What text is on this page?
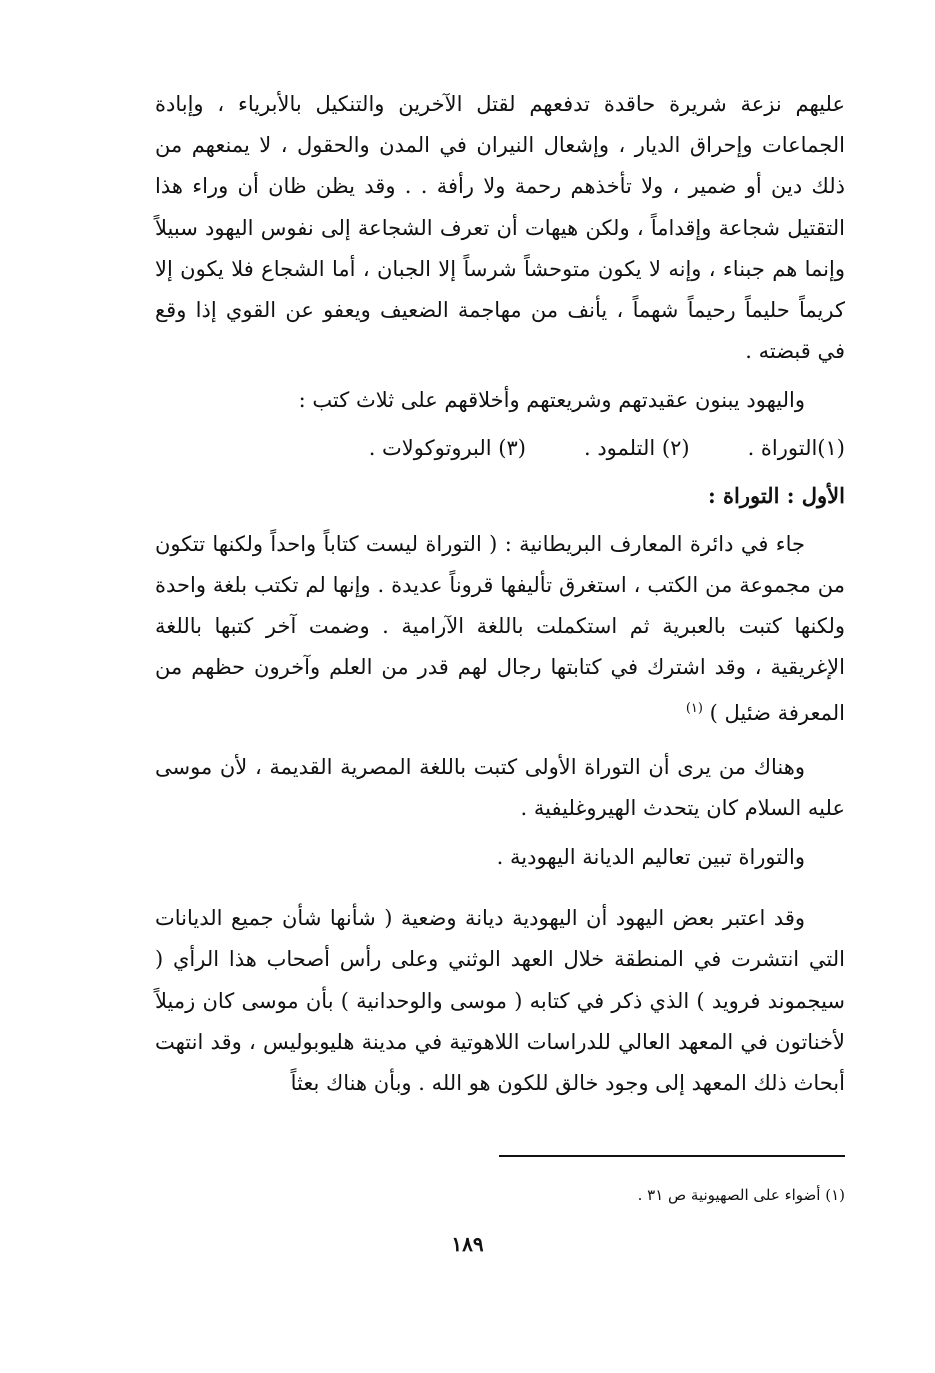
عليهم نزعة شريرة حاقدة تدفعهم لقتل الآخرين والتنكيل بالأبرياء ، وإبادة الجماعات وإحراق الديار ، وإشعال النيران في المدن والحقول ، لا يمنعهم من ذلك دين أو ضمير ، ولا تأخذهم رحمة ولا رأفة . . وقد يظن ظان أن وراء هذا التقتيل شجاعة وإقداماً ، ولكن هيهات أن تعرف الشجاعة إلى نفوس اليهود سبيلاً وإنما هم جبناء ، وإنه لا يكون متوحشاً شرساً إلا الجبان ، أما الشجاع فلا يكون إلا كريماً حليماً رحيماً شهماً ، يأنف من مهاجمة الضعيف ويعفو عن القوي إذا وقع في قبضته .

واليهود يبنون عقيدتهم وشريعتهم وأخلاقهم على ثلاث كتب :

(١)التوراة .
(٢) التلمود .
(٣) البروتوكولات .
الأول : التوراة :

جاء في دائرة المعارف البريطانية : ( التوراة ليست كتاباً واحداً ولكنها تتكون من مجموعة من الكتب ، استغرق تأليفها قروناً عديدة . وإنها لم تكتب بلغة واحدة ولكنها كتبت بالعبرية ثم استكملت باللغة الآرامية . وضمت آخر كتبها باللغة الإغريقية ، وقد اشترك في كتابتها رجال لهم قدر من العلم وآخرون حظهم من المعرفة ضئيل ) $^{(١)}$

وهناك من يرى أن التوراة الأولى كتبت باللغة المصرية القديمة ، لأن موسى عليه السلام كان يتحدث الهيروغليفية .

والتوراة تبين تعاليم الديانة اليهودية .

وقد اعتبر بعض اليهود أن اليهودية ديانة وضعية ( شأنها شأن جميع الديانات التي انتشرت في المنطقة خلال العهد الوثني وعلى رأس أصحاب هذا الرأي ( سيجموند فرويد ) الذي ذكر في كتابه ( موسى والوحدانية ) بأن موسى كان زميلاً لأخناتون في المعهد العالي للدراسات اللاهوتية في مدينة هليوبوليس ، وقد انتهت أبحاث ذلك المعهد إلى وجود خالق للكون هو الله . وبأن هناك بعثاً

(١) أضواء على الصهيونية ص ٣١ .
١٨٩
